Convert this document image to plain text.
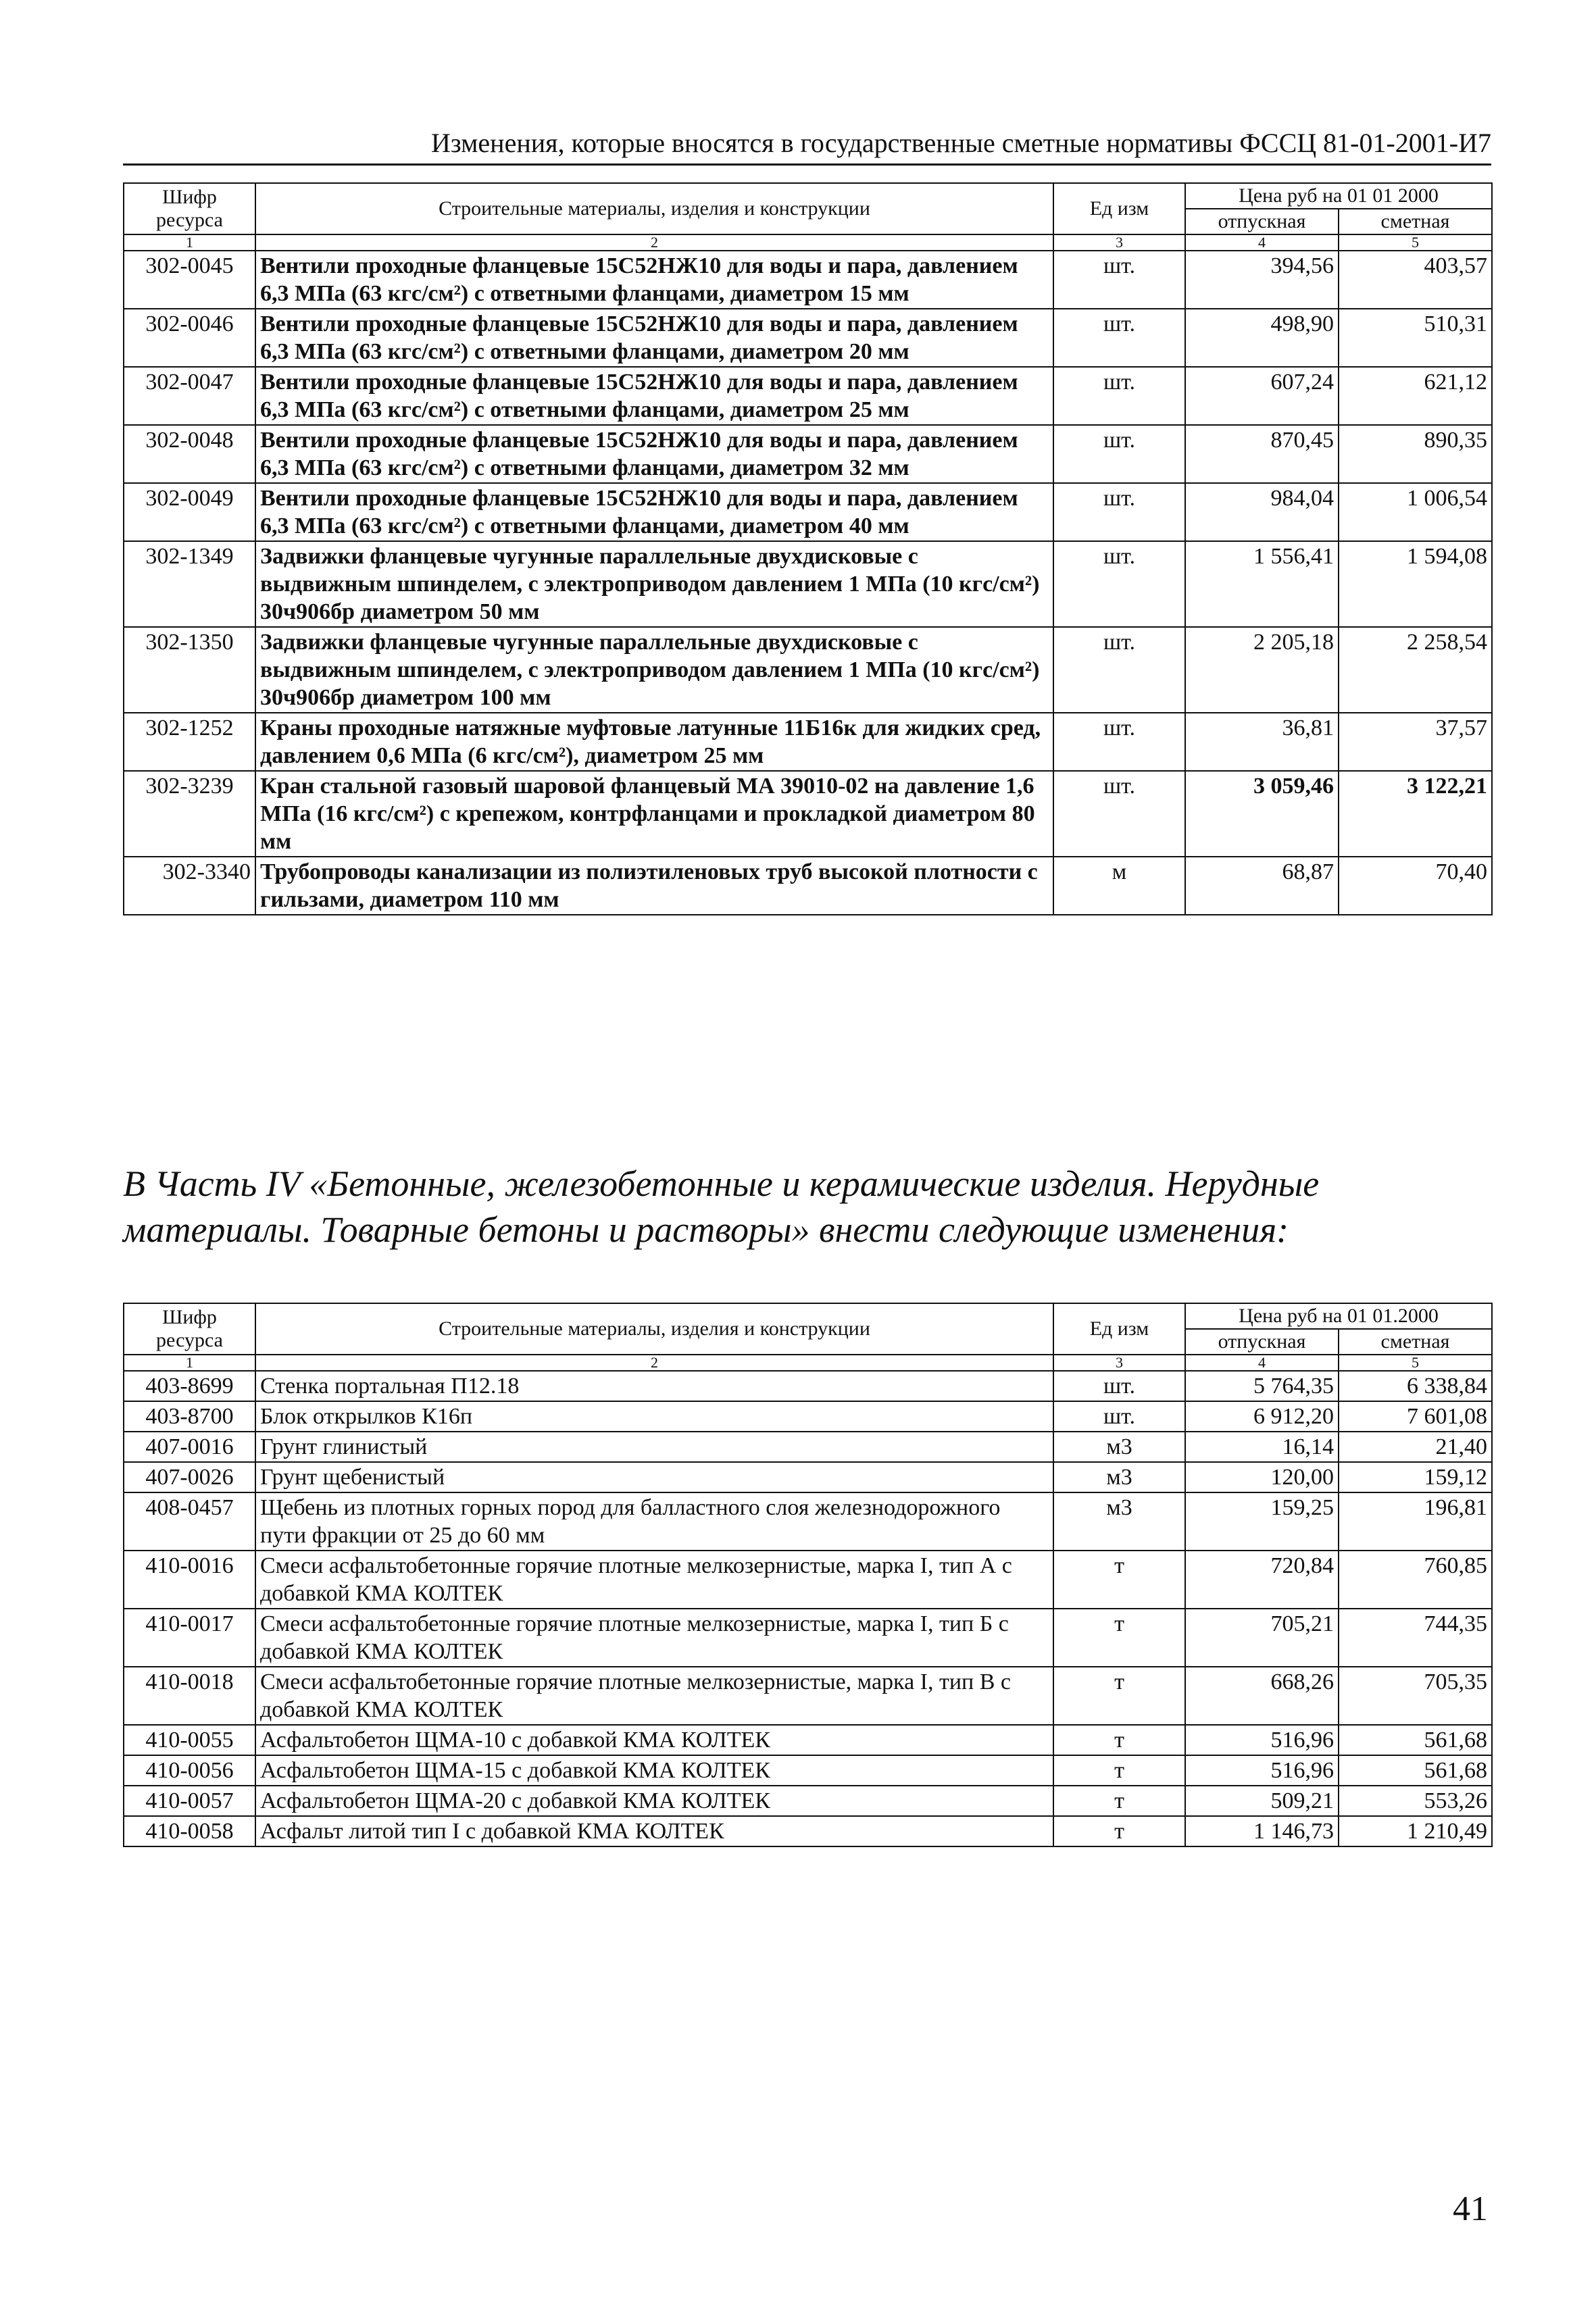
Изменения, которые вносятся в государственные сметные нормативы ФССЦ 81-01-2001-И7
Шифр ресурса	Строительные материалы, изделия и конструкции	Ед изм	Цена руб на 01 01 2000	
			отпускная	сметная
1	2	3	4	5
302-0045	Вентили проходные фланцевые 15С52НЖ10 для воды и пара, давлением 6,3 МПа (63 кгс/см²) с ответными фланцами, диаметром 15 мм	шт.	394,56	403,57
302-0046	Вентили проходные фланцевые 15С52НЖ10 для воды и пара, давлением 6,3 МПа (63 кгс/см²) с ответными фланцами, диаметром 20 мм	шт.	498,90	510,31
302-0047	Вентили проходные фланцевые 15С52НЖ10 для воды и пара, давлением 6,3 МПа (63 кгс/см²) с ответными фланцами, диаметром 25 мм	шт.	607,24	621,12
302-0048	Вентили проходные фланцевые 15С52НЖ10 для воды и пара, давлением 6,3 МПа (63 кгс/см²) с ответными фланцами, диаметром 32 мм	шт.	870,45	890,35
302-0049	Вентили проходные фланцевые 15С52НЖ10 для воды и пара, давлением 6,3 МПа (63 кгс/см²) с ответными фланцами, диаметром 40 мм	шт.	984,04	1 006,54
302-1349	Задвижки фланцевые чугунные параллельные двухдисковые с выдвижным шпинделем, с электроприводом давлением 1 МПа (10 кгс/см²) 30ч906бр диаметром 50 мм	шт.	1 556,41	1 594,08
302-1350	Задвижки фланцевые чугунные параллельные двухдисковые с выдвижным шпинделем, с электроприводом давлением 1 МПа (10 кгс/см²) 30ч906бр диаметром 100 мм	шт.	2 205,18	2 258,54
302-1252	Краны проходные натяжные муфтовые латунные 11Б16к для жидких сред, давлением 0,6 МПа (6 кгс/см²), диаметром 25 мм	шт.	36,81	37,57
302-3239	Кран стальной газовый шаровой фланцевый МА 39010-02 на давление 1,6 МПа (16 кгс/см²) с крепежом, контрфланцами и прокладкой диаметром 80 мм	шт.	3 059,46	3 122,21
302-3340	Трубопроводы канализации из полиэтиленовых труб высокой плотности с гильзами, диаметром 110 мм	м	68,87	70,40
В Часть IV «Бетонные, железобетонные и керамические изделия. Нерудные материалы. Товарные бетоны и растворы» внести следующие изменения:
Шифр ресурса	Строительные материалы, изделия и конструкции	Ед изм	Цена руб на 01 01.2000	
			отпускная	сметная
1	2	3	4	5
403-8699	Стенка портальная П12.18	шт.	5 764,35	6 338,84
403-8700	Блок открылков К16п	шт.	6 912,20	7 601,08
407-0016	Грунт глинистый	м3	16,14	21,40
407-0026	Грунт щебенистый	м3	120,00	159,12
408-0457	Щебень из плотных горных пород для балластного слоя железнодорожного пути фракции от 25 до 60 мм	м3	159,25	196,81
410-0016	Смеси асфальтобетонные горячие плотные мелкозернистые, марка I, тип А с добавкой КМА КОЛТЕК	т	720,84	760,85
410-0017	Смеси асфальтобетонные горячие плотные мелкозернистые, марка I, тип Б с добавкой КМА КОЛТЕК	т	705,21	744,35
410-0018	Смеси асфальтобетонные горячие плотные мелкозернистые, марка I, тип В с добавкой КМА КОЛТЕК	т	668,26	705,35
410-0055	Асфальтобетон ЩМА-10 с добавкой КМА КОЛТЕК	т	516,96	561,68
410-0056	Асфальтобетон ЩМА-15 с добавкой КМА КОЛТЕК	т	516,96	561,68
410-0057	Асфальтобетон ЩМА-20 с добавкой КМА КОЛТЕК	т	509,21	553,26
410-0058	Асфальт литой тип I с добавкой КМА КОЛТЕК	т	1 146,73	1 210,49
41
